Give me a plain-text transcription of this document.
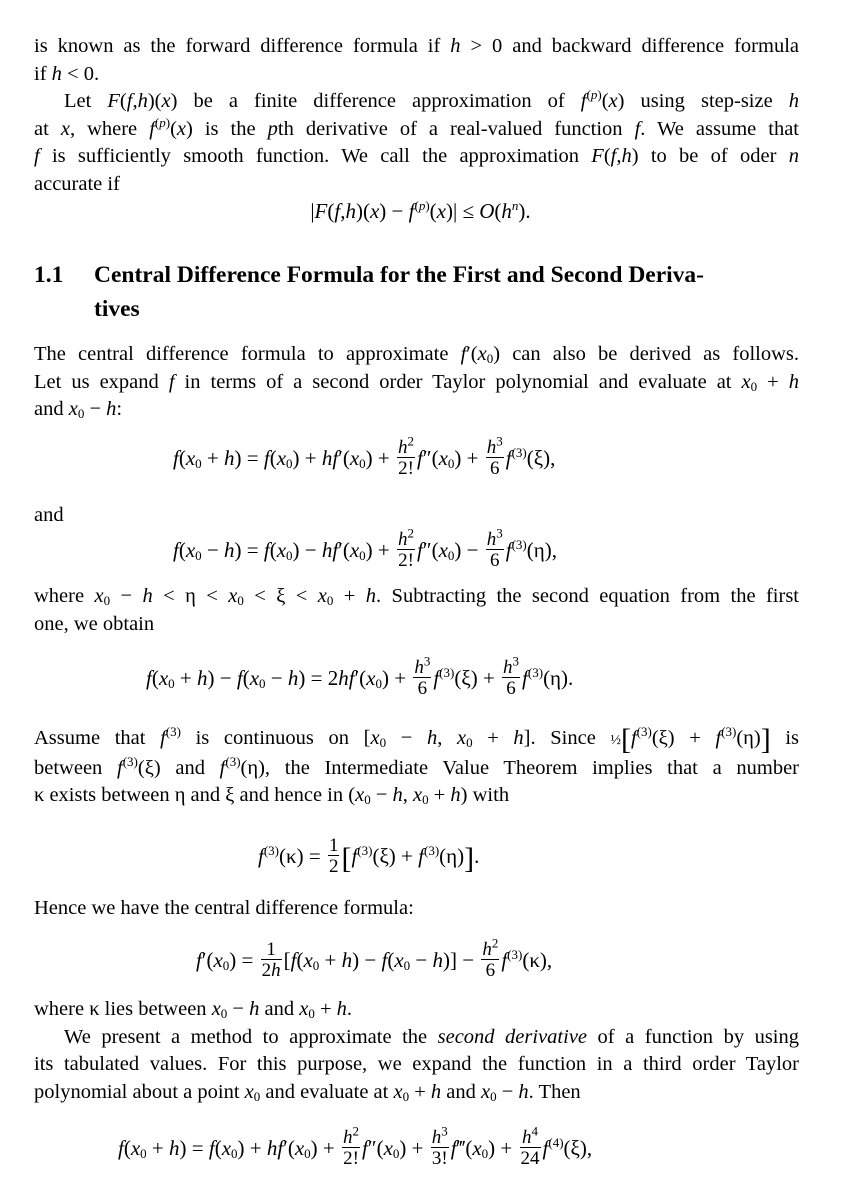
is known as the forward difference formula if h > 0 and backward difference formula
if h < 0.
Let F(f,h)(x) be a finite difference approximation of $f^{(p)}(x)$ using step-size h
at x, where $f^{(p)}(x)$ is the pth derivative of a real-valued function f. We assume that
f is sufficiently smooth function. We call the approximation F(f,h) to be of oder n
accurate if
$|F(f,h)(x) - f^{(p)}(x)| \le O(h^n)$.
1.1 Central Difference Formula for the First and Second Deriva-
tives
The central difference formula to approximate $f'(x_0)$ can also be derived as follows.
Let us expand f in terms of a second order Taylor polynomial and evaluate at $x_0 + h$
and $x_0 - h$:
$f(x_0 + h) = f(x_0) + hf'(x_0) + \frac{h^2}{2!} f''(x_0) + \frac{h^3}{6} f^{(3)}(\xi)$,
and
$f(x_0 - h) = f(x_0) - hf'(x_0) + \frac{h^2}{2!} f''(x_0) - \frac{h^3}{6} f^{(3)}(\eta)$,
where $x_0 - h < \eta < x_0 < \xi < x_0 + h$. Subtracting the second equation from the first
one, we obtain
$f(x_0 + h) - f(x_0 - h) = 2hf'(x_0) + \frac{h^3}{6} f^{(3)}(\xi) + \frac{h^3}{6} f^{(3)}(\eta)$.
Assume that $f^{(3)}$ is continuous on [$x_0 - h$, $x_0 + h$]. Since $\frac{1}{2}[f^{(3)}(\xi) + f^{(3)}(\eta)]$ is
between $f^{(3)}(\xi)$ and $f^{(3)}(\eta)$, the Intermediate Value Theorem implies that a number
κ exists between η and ξ and hence in ($x_0 - h$, $x_0 + h$) with
$f^{(3)}(\kappa) = \frac{1}{2} [f^{(3)}(\xi) + f^{(3)}(\eta)]$.
Hence we have the central difference formula:
$f'(x_0) = \frac{1}{2h} [f(x_0 + h) - f(x_0 - h)] - \frac{h^2}{6} f^{(3)}(\kappa)$,
where κ lies between $x_0 - h$ and $x_0 + h$.
We present a method to approximate the second derivative of a function by using
its tabulated values. For this purpose, we expand the function in a third order Taylor
polynomial about a point $x_0$ and evaluate at $x_0 + h$ and $x_0 - h$. Then
$f(x_0 + h) = f(x_0) + hf'(x_0) + \frac{h^2}{2!} f''(x_0) + \frac{h^3}{3!}$ $f‴(x_0) + \frac{h^4}{24} f^{(4)}(\xi)$,
